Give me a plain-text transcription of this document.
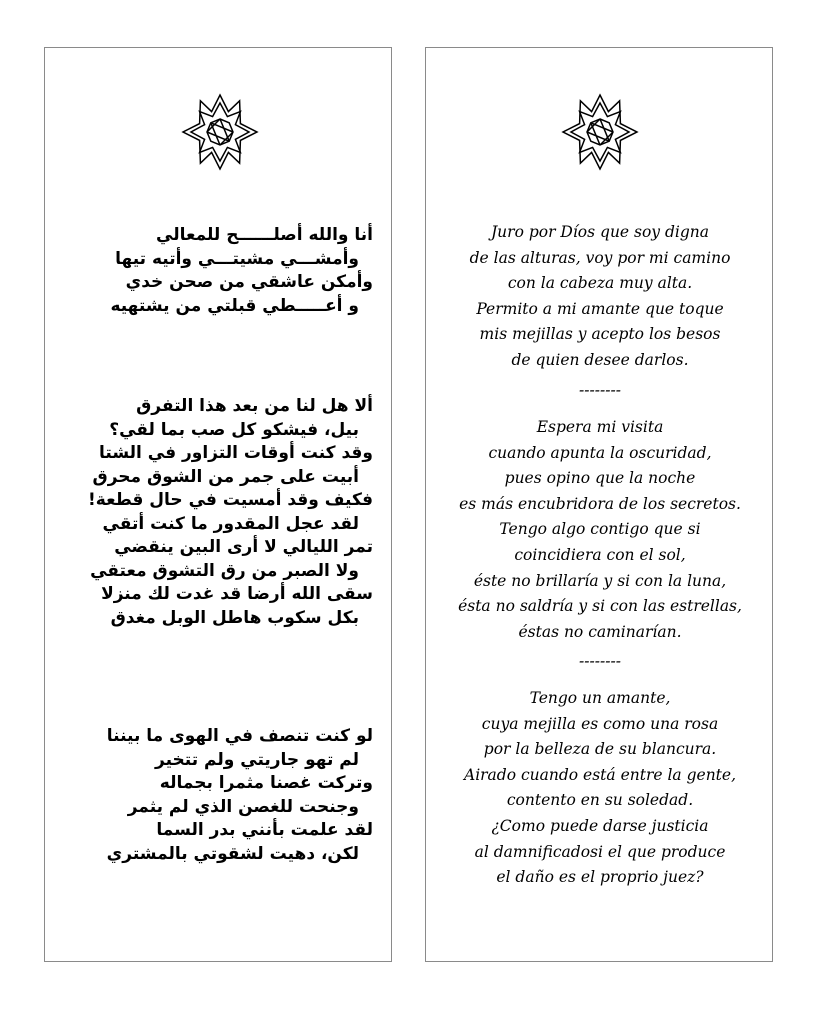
أنا والله أصلــــــح للمعالي
وأمشـــي مشيتـــي وأتيه تيها
وأمكن عاشقي من صحن خدي
و أعـــــطي قبلتي من يشتهيه
ألا هل لنا من بعد هذا التفرق
بيل، فيشكو كل صب بما لقي؟
وقد كنت أوقات التزاور في الشتا
أبيت على جمر من الشوق محرق
فكيف وقد أمسيت في حال قطعة!
لقد عجل المقدور ما كنت أتقي
تمر الليالي لا أرى البين ينقضي
ولا الصبر من رق التشوق معتقي
سقى الله أرضا قد غدت لك منزلا
بكل سكوب هاطل الوبل مغدق
لو كنت تنصف في الهوى ما بيننا
لم تهو جاريتي ولم تتخير
وتركت غصنا مثمرا بجماله
وجنحت للغصن الذي لم يثمر
لقد علمت بأنني بدر السما
لكن، دهيت لشقوتي بالمشتري
Juro por Díos que soy digna
de las alturas, voy por mi camino
con la cabeza muy alta.
Permito a mi amante que toque
mis mejillas y acepto los besos
de quien desee darlos.
--------
Espera mi visita
cuando apunta la oscuridad,
pues opino que la noche
es más encubridora de los secretos.
Tengo algo contigo que si
coincidiera con el sol,
éste no brillaría y si con la luna,
ésta no saldría y si con las estrellas,
éstas no caminarían.
--------
Tengo un amante,
cuya mejilla es como una rosa
por la belleza de su blancura.
Airado cuando está entre la gente,
contento en su soledad.
¿Como puede darse justicia
al damnificadosi el que produce
el daño es el proprio juez?
